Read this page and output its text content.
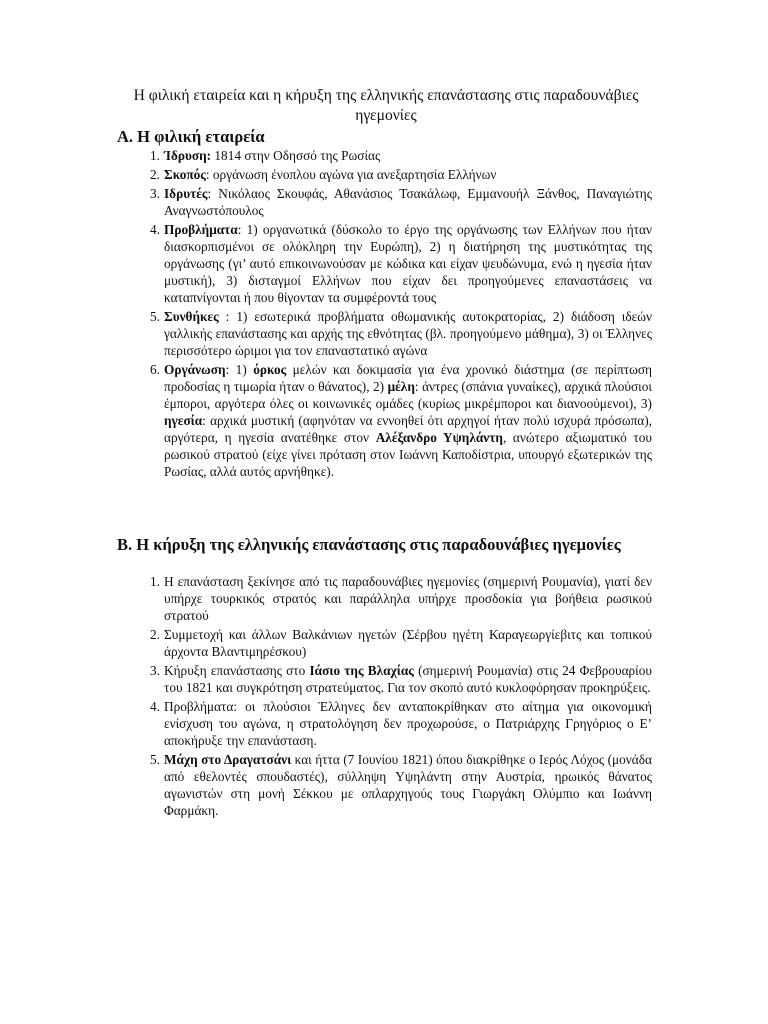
Η φιλική εταιρεία και η κήρυξη της ελληνικής επανάστασης στις παραδουνάβιες ηγεμονίες
Α. Η φιλική εταιρεία
1. Ίδρυση: 1814 στην Οδησσό της Ρωσίας
2. Σκοπός: οργάνωση ένοπλου αγώνα για ανεξαρτησία Ελλήνων
3. Ιδρυτές: Νικόλαος Σκουφάς, Αθανάσιος Τσακάλωφ, Εμμανουήλ Ξάνθος, Παναγιώτης Αναγνωστόπουλος
4. Προβλήματα: 1) οργανωτικά (δύσκολο το έργο της οργάνωσης των Ελλήνων που ήταν διασκορπισμένοι σε ολόκληρη την Ευρώπη), 2) η διατήρηση της μυστικότητας της οργάνωσης (γι’ αυτό επικοινωνούσαν με κώδικα και είχαν ψευδώνυμα, ενώ η ηγεσία ήταν μυστική), 3) δισταγμοί Ελλήνων που είχαν δει προηγούμενες επαναστάσεις να καταπνίγονται ή που θίγονταν τα συμφέροντά τους
5. Συνθήκες : 1) εσωτερικά προβλήματα οθωμανικής αυτοκρατορίας, 2) διάδοση ιδεών γαλλικής επανάστασης και αρχής της εθνότητας (βλ. προηγούμενο μάθημα), 3) οι Έλληνες περισσότερο ώριμοι για τον επαναστατικό αγώνα
6. Οργάνωση: 1) όρκος μελών και δοκιμασία για ένα χρονικό διάστημα (σε περίπτωση προδοσίας η τιμωρία ήταν ο θάνατος), 2) μέλη: άντρες (σπάνια γυναίκες), αρχικά πλούσιοι έμποροι, αργότερα όλες οι κοινωνικές ομάδες (κυρίως μικρέμποροι και διανοούμενοι), 3) ηγεσία: αρχικά μυστική (αφηνόταν να εννοηθεί ότι αρχηγοί ήταν πολύ ισχυρά πρόσωπα), αργότερα, η ηγεσία ανατέθηκε στον Αλέξανδρο Υψηλάντη, ανώτερο αξιωματικό του ρωσικού στρατού (είχε γίνει πρόταση στον Ιωάννη Καποδίστρια, υπουργό εξωτερικών της Ρωσίας, αλλά αυτός αρνήθηκε).
Β. Η κήρυξη της ελληνικής επανάστασης στις παραδουνάβιες ηγεμονίες
1. Η επανάσταση ξεκίνησε από τις παραδουνάβιες ηγεμονίες (σημερινή Ρουμανία), γιατί δεν υπήρχε τουρκικός στρατός και παράλληλα υπήρχε προσδοκία για βοήθεια ρωσικού στρατού
2. Συμμετοχή και άλλων Βαλκάνιων ηγετών (Σέρβου ηγέτη Καραγεωργίεβιτς και τοπικού άρχοντα Βλαντιμηρέσκου)
3. Κήρυξη επανάστασης στο Ιάσιο της Βλαχίας (σημερινή Ρουμανία) στις 24 Φεβρουαρίου του 1821 και συγκρότηση στρατεύματος. Για τον σκοπό αυτό κυκλοφόρησαν προκηρύξεις.
4. Προβλήματα: οι πλούσιοι Έλληνες δεν ανταποκρίθηκαν στο αίτημα για οικονομική ενίσχυση του αγώνα, η στρατολόγηση δεν προχωρούσε, ο Πατριάρχης Γρηγόριος ο Ε’ αποκήρυξε την επανάσταση.
5. Μάχη στο Δραγατσάνι και ήττα (7 Ιουνίου 1821) όπου διακρίθηκε ο Ιερός Λόχος (μονάδα από εθελοντές σπουδαστές), σύλληψη Υψηλάντη στην Αυστρία, ηρωικός θάνατος αγωνιστών στη μονή Σέκκου με οπλαρχηγούς τους Γιωργάκη Ολύμπιο και Ιωάννη Φαρμάκη.
